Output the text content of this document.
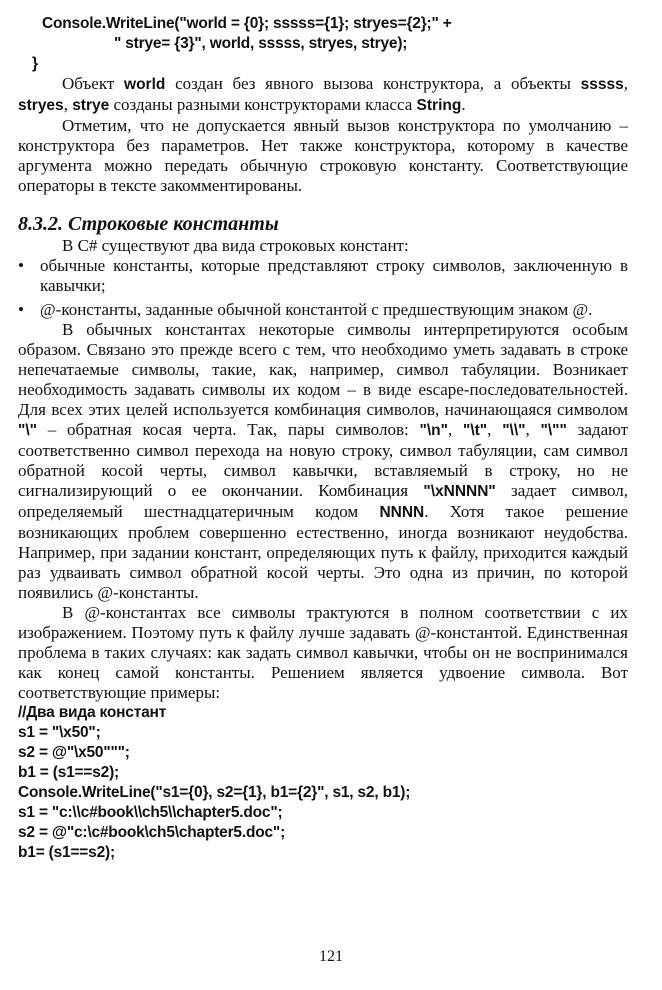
Console.WriteLine("world = {0}; sssss={1}; stryes={2};" +
" strye= {3}", world, sssss, stryes, strye);
}

Объект world создан без явного вызова конструктора, а объекты sssss, stryes, strye созданы разными конструкторами класса String.

Отметим, что не допускается явный вызов конструктора по умолчанию – конструктора без параметров. Нет также конструктора, которому в качестве аргумента можно передать обычную строковую константу. Соответствующие операторы в тексте закомментированы.

8.3.2. Строковые константы

В C# существуют два вида строковых констант:

• обычные константы, которые представляют строку символов, заключенную в кавычки;

• @-константы, заданные обычной константой с предшествующим знаком @.

В обычных константах некоторые символы интерпретируются особым образом. Связано это прежде всего с тем, что необходимо уметь задавать в строке непечатаемые символы, такие, как, например, символ табуляции. Возникает необходимость задавать символы их кодом – в виде escape-последовательностей. Для всех этих целей используется комбинация символов, начинающаяся символом "\" – обратная косая черта. Так, пары символов: "\n", "\t", "\\", "\"" задают соответственно символ перехода на новую строку, символ табуляции, сам символ обратной косой черты, символ кавычки, вставляемый в строку, но не сигнализирующий о ее окончании. Комбинация "\xNNNN" задает символ, определяемый шестнадцатеричным кодом NNNN. Хотя такое решение возникающих проблем совершенно естественно, иногда возникают неудобства. Например, при задании констант, определяющих путь к файлу, приходится каждый раз удваивать символ обратной косой черты. Это одна из причин, по которой появились @-константы.

В @-константах все символы трактуются в полном соответствии с их изображением. Поэтому путь к файлу лучше задавать @-константой. Единственная проблема в таких случаях: как задать символ кавычки, чтобы он не воспринимался как конец самой константы. Решением является удвоение символа. Вот соответствующие примеры:

//Два вида констант
s1 = "\x50";
s2 = @"\x50""";
b1 = (s1==s2);
Console.WriteLine("s1={0}, s2={1}, b1={2}", s1, s2, b1);
s1 = "c:\\c#book\\ch5\\chapter5.doc";
s2 = @"c:\c#book\ch5\chapter5.doc";
b1= (s1==s2);
121
